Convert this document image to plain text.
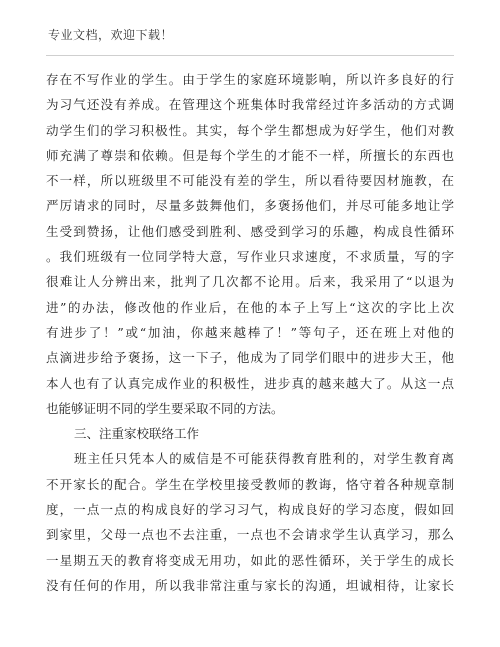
专业文档，欢迎下载！
存在不写作业的学生。由于学生的家庭环境影响，所以许多良好的行
为习气还没有养成。在管理这个班集体时我常经过许多活动的方式调
动学生们的学习积极性。其实，每个学生都想成为好学生，他们对教
师充满了尊崇和依赖。但是每个学生的才能不一样，所擅长的东西也
不一样，所以班级里不可能没有差的学生，所以看待要因材施教，在
严厉请求的同时，尽量多鼓舞他们，多褒扬他们，并尽可能多地让学
生受到赞扬，让他们感受到胜利、感受到学习的乐趣，构成良性循环
。我们班级有一位同学特大意，写作业只求速度，不求质量，写的字
很难让人分辨出来，批判了几次都不论用。后来，我采用了“以退为
进”的办法，修改他的作业后，在他的本子上写上“这次的字比上次
有进步了！”或“加油，你越来越棒了！”等句子，还在班上对他的
点滴进步给予褒扬，这一下子，他成为了同学们眼中的进步大王，他
本人也有了认真完成作业的积极性，进步真的越来越大了。从这一点
也能够证明不同的学生要采取不同的方法。
三、注重家校联络工作
班主任只凭本人的威信是不可能获得教育胜利的，对学生教育离
不开家长的配合。学生在学校里接受教师的教诲，恪守着各种规章制
度，一点一点的构成良好的学习习气，构成良好的学习态度，假如回
到家里，父母一点也不去注重，一点也不会请求学生认真学习，那么
一星期五天的教育将变成无用功，如此的恶性循环，关于学生的成长
没有任何的作用，所以我非常注重与家长的沟通，坦诚相待，让家长
